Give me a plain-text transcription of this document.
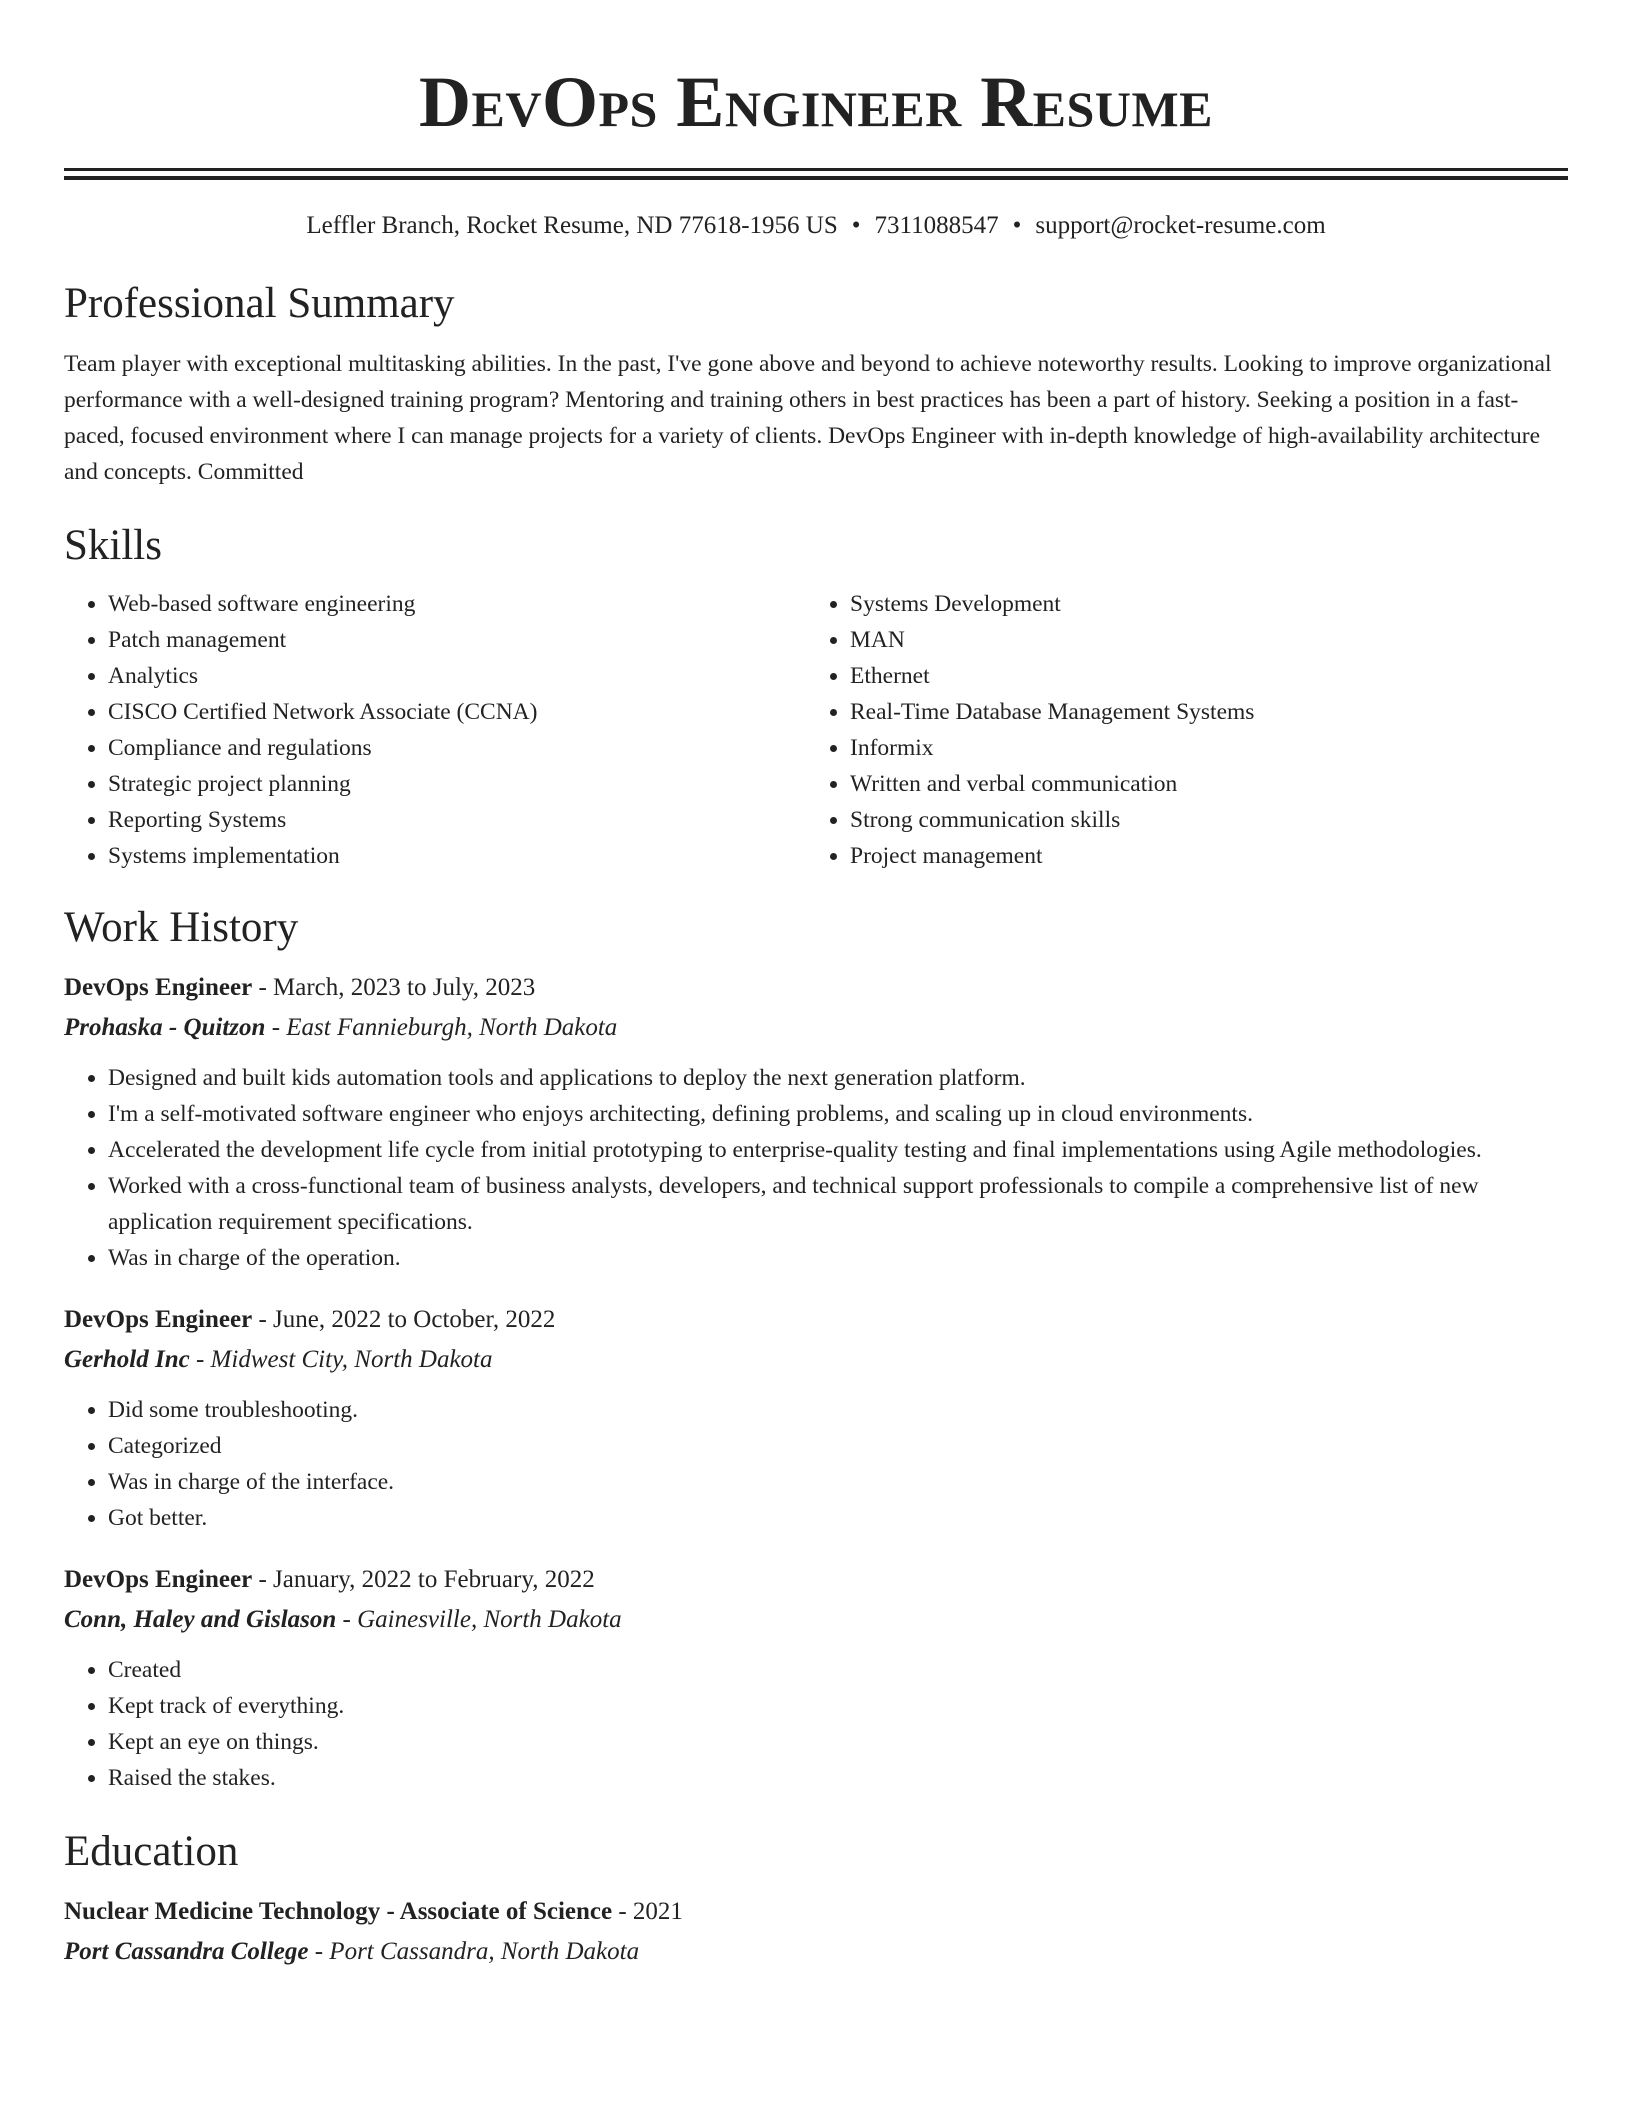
DevOps Engineer Resume
Leffler Branch, Rocket Resume, ND 77618-1956 US • 7311088547 • support@rocket-resume.com
Professional Summary
Team player with exceptional multitasking abilities. In the past, I've gone above and beyond to achieve noteworthy results. Looking to improve organizational performance with a well-designed training program? Mentoring and training others in best practices has been a part of history. Seeking a position in a fast-paced, focused environment where I can manage projects for a variety of clients. DevOps Engineer with in-depth knowledge of high-availability architecture and concepts. Committed
Skills
• Web-based software engineering
• Patch management
• Analytics
• CISCO Certified Network Associate (CCNA)
• Compliance and regulations
• Strategic project planning
• Reporting Systems
• Systems implementation
• Systems Development
• MAN
• Ethernet
• Real-Time Database Management Systems
• Informix
• Written and verbal communication
• Strong communication skills
• Project management
Work History
DevOps Engineer - March, 2023 to July, 2023
Prohaska - Quitzon - East Fannieburgh, North Dakota
• Designed and built kids automation tools and applications to deploy the next generation platform.
• I'm a self-motivated software engineer who enjoys architecting, defining problems, and scaling up in cloud environments.
• Accelerated the development life cycle from initial prototyping to enterprise-quality testing and final implementations using Agile methodologies.
• Worked with a cross-functional team of business analysts, developers, and technical support professionals to compile a comprehensive list of new application requirement specifications.
• Was in charge of the operation.
DevOps Engineer - June, 2022 to October, 2022
Gerhold Inc - Midwest City, North Dakota
• Did some troubleshooting.
• Categorized
• Was in charge of the interface.
• Got better.
DevOps Engineer - January, 2022 to February, 2022
Conn, Haley and Gislason - Gainesville, North Dakota
• Created
• Kept track of everything.
• Kept an eye on things.
• Raised the stakes.
Education
Nuclear Medicine Technology - Associate of Science - 2021
Port Cassandra College - Port Cassandra, North Dakota
